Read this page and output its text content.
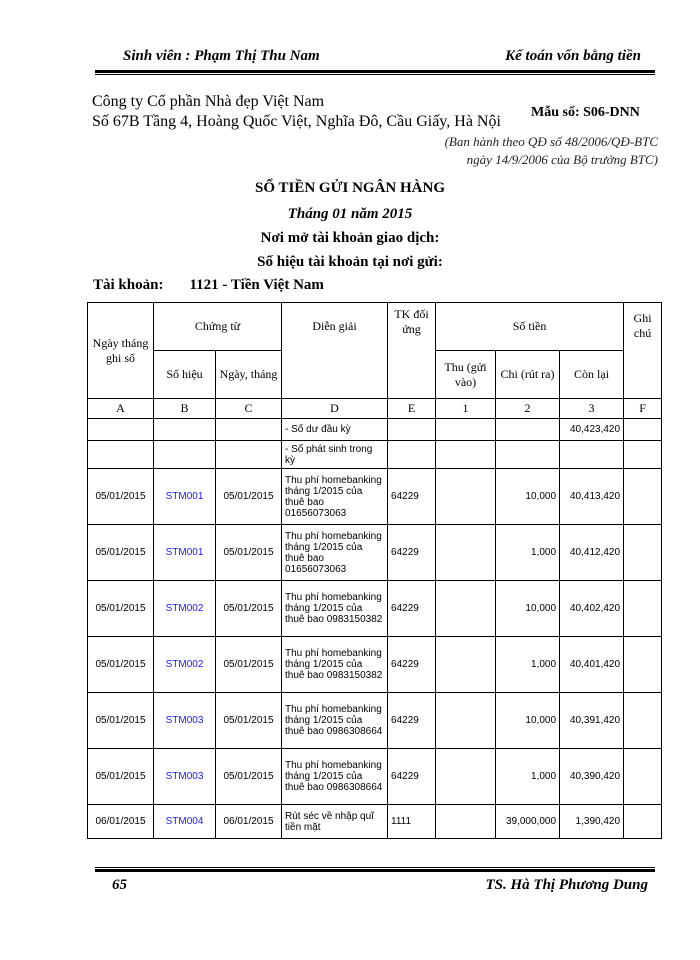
Sinh viên : Phạm Thị Thu Nam	Kế toán vốn bằng tiền
Công ty Cổ phần Nhà đẹp Việt Nam
Số 67B Tầng 4, Hoàng Quốc Việt, Nghĩa Đô, Cầu Giấy, Hà Nội
Mẫu số: S06-DNN
(Ban hành theo QĐ số 48/2006/QĐ-BTC
ngày 14/9/2006 của Bộ trưởng BTC)
SỔ TIỀN GỬI NGÂN HÀNG
Tháng 01 năm 2015
Nơi mở tài khoản giao dịch:
Số hiệu tài khoản tại nơi gửi:
Tài khoản: 1121 - Tiền Việt Nam
Ngày tháng ghi sổ	Chứng từ		Diễn giải	TK đối ứng	Số tiền			Ghi chú
	Số hiệu	Ngày, tháng			Thu (gửi vào)	Chi (rút ra)	Còn lại	
A	B	C	D	E	1	2	3	F
			- Số dư đầu kỳ				40,423,420	
			- Số phát sinh trong kỳ					
05/01/2015	STM001	05/01/2015	Thu phí homebanking tháng 1/2015 của thuê bao 01656073063	64229		10,000	40,413,420	
05/01/2015	STM001	05/01/2015	Thu phí homebanking tháng 1/2015 của thuê bao 01656073063	64229		1,000	40,412,420	
05/01/2015	STM002	05/01/2015	Thu phí homebanking tháng 1/2015 của thuê bao 0983150382	64229		10,000	40,402,420	
05/01/2015	STM002	05/01/2015	Thu phí homebanking tháng 1/2015 của thuê bao 0983150382	64229		1,000	40,401,420	
05/01/2015	STM003	05/01/2015	Thu phí homebanking tháng 1/2015 của thuê bao 0986308664	64229		10,000	40,391,420	
05/01/2015	STM003	05/01/2015	Thu phí homebanking tháng 1/2015 của thuê bao 0986308664	64229		1,000	40,390,420	
06/01/2015	STM004	06/01/2015	Rút séc về nhập quĩ tiền mặt	1111		39,000,000	1,390,420	
65	TS. Hà Thị Phương Dung
